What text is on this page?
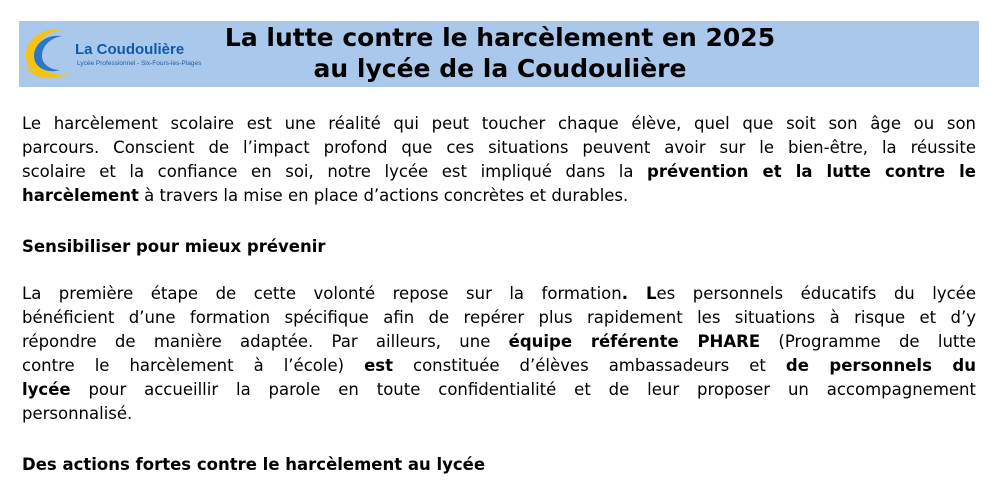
La Coudoulière
Lycée Professionnel - Six-Fours-les-Plages
La lutte contre le harcèlement en 2025
au lycée de la Coudoulière
Le harcèlement scolaire est une réalité qui peut toucher chaque élève, quel que soit son âge ou son
parcours. Conscient de l’impact profond que ces situations peuvent avoir sur le bien-être, la réussite
scolaire et la confiance en soi, notre lycée est impliqué dans la prévention et la lutte contre le
harcèlement à travers la mise en place d’actions concrètes et durables.
Sensibiliser pour mieux prévenir
La première étape de cette volonté repose sur la formation. Les personnels éducatifs du lycée
bénéficient d’une formation spécifique afin de repérer plus rapidement les situations à risque et d’y
répondre de manière adaptée. Par ailleurs, une équipe référente PHARE (Programme de lutte
contre le harcèlement à l’école) est constituée d’élèves ambassadeurs et de personnels du
lycée pour accueillir la parole en toute confidentialité et de leur proposer un accompagnement
personnalisé.
Des actions fortes contre le harcèlement au lycée
